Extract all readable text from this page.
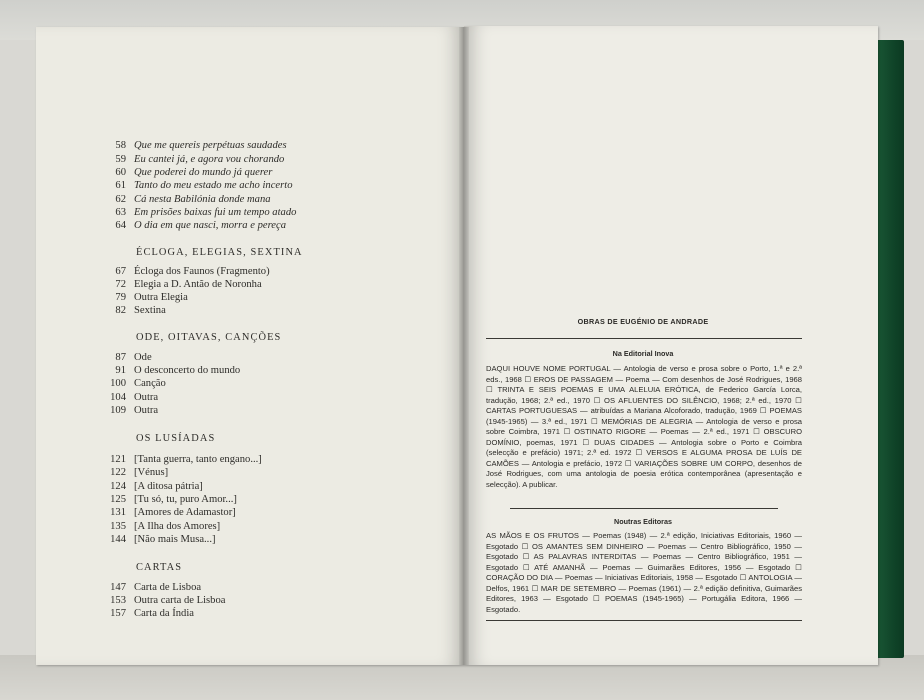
58 Que me quereis perpétuas saudades
59 Eu cantei já, e agora vou chorando
60 Que poderei do mundo já querer
61 Tanto do meu estado me acho incerto
62 Cá nesta Babilónia donde mana
63 Em prisões baixas fui um tempo atado
64 O dia em que nasci, morra e pereça
ÉCLOGA, ELEGIAS, SEXTINA
67 Écloga dos Faunos (Fragmento)
72 Elegia a D. Antão de Noronha
79 Outra Elegia
82 Sextina
ODE, OITAVAS, CANÇÕES
87 Ode
91 O desconcerto do mundo
100 Canção
104 Outra
109 Outra
OS LUSÍADAS
121 [Tanta guerra, tanto engano...]
122 [Vénus]
124 [A ditosa pátria]
125 [Tu só, tu, puro Amor...]
131 [Amores de Adamastor]
135 [A Ilha dos Amores]
144 [Não mais Musa...]
CARTAS
147 Carta de Lisboa
153 Outra carta de Lisboa
157 Carta da Índia
OBRAS DE EUGÉNIO DE ANDRADE
Na Editorial Inova
DAQUI HOUVE NOME PORTUGAL — Antologia de verso e prosa sobre o Porto, 1.ª e 2.ª eds., 1968 ☐ EROS DE PASSAGEM — Poema — Com desenhos de José Rodrigues, 1968 ☐ TRINTA E SEIS POEMAS E UMA ALELUIA ERÓTICA, de Federico García Lorca, tradução, 1968; 2.ª ed., 1970 ☐ OS AFLUENTES DO SILÊNCIO, 1968; 2.ª ed., 1970 ☐ CARTAS PORTUGUESAS — atribuídas a Mariana Alcoforado, tradução, 1969 ☐ POEMAS (1945-1965) — 3.ª ed., 1971 ☐ MEMÓRIAS DE ALEGRIA — Antologia de verso e prosa sobre Coimbra, 1971 ☐ OSTINATO RIGORE — Poemas — 2.ª ed., 1971 ☐ OBSCURO DOMÍNIO, poemas, 1971 ☐ DUAS CIDADES — Antologia sobre o Porto e Coimbra (selecção e prefácio) 1971; 2.ª ed. 1972 ☐ VERSOS E ALGUMA PROSA DE LUÍS DE CAMÕES — Antologia e prefácio, 1972 ☐ VARIAÇÕES SOBRE UM CORPO, desenhos de José Rodrigues, com uma antologia de poesia erótica contemporânea (apresentação e selecção). A publicar.
Noutras Editoras
AS MÃOS E OS FRUTOS — Poemas (1948) — 2.ª edição, Iniciativas Editoriais, 1960 — Esgotado ☐ OS AMANTES SEM DINHEIRO — Poemas — Centro Bibliográfico, 1950 — Esgotado ☐ AS PALAVRAS INTERDITAS — Poemas — Centro Bibliográfico, 1951 — Esgotado ☐ ATÉ AMANHÃ — Poemas — Guimarães Editores, 1956 — Esgotado ☐ CORAÇÃO DO DIA — Poemas — Iniciativas Editoriais, 1958 — Esgotado ☐ ANTOLOGIA — Delfos, 1961 ☐ MAR DE SETEMBRO — Poemas (1961) — 2.ª edição definitiva, Guimarães Editores, 1963 — Esgotado ☐ POEMAS (1945-1965) — Portugália Editora, 1966 — Esgotado.
